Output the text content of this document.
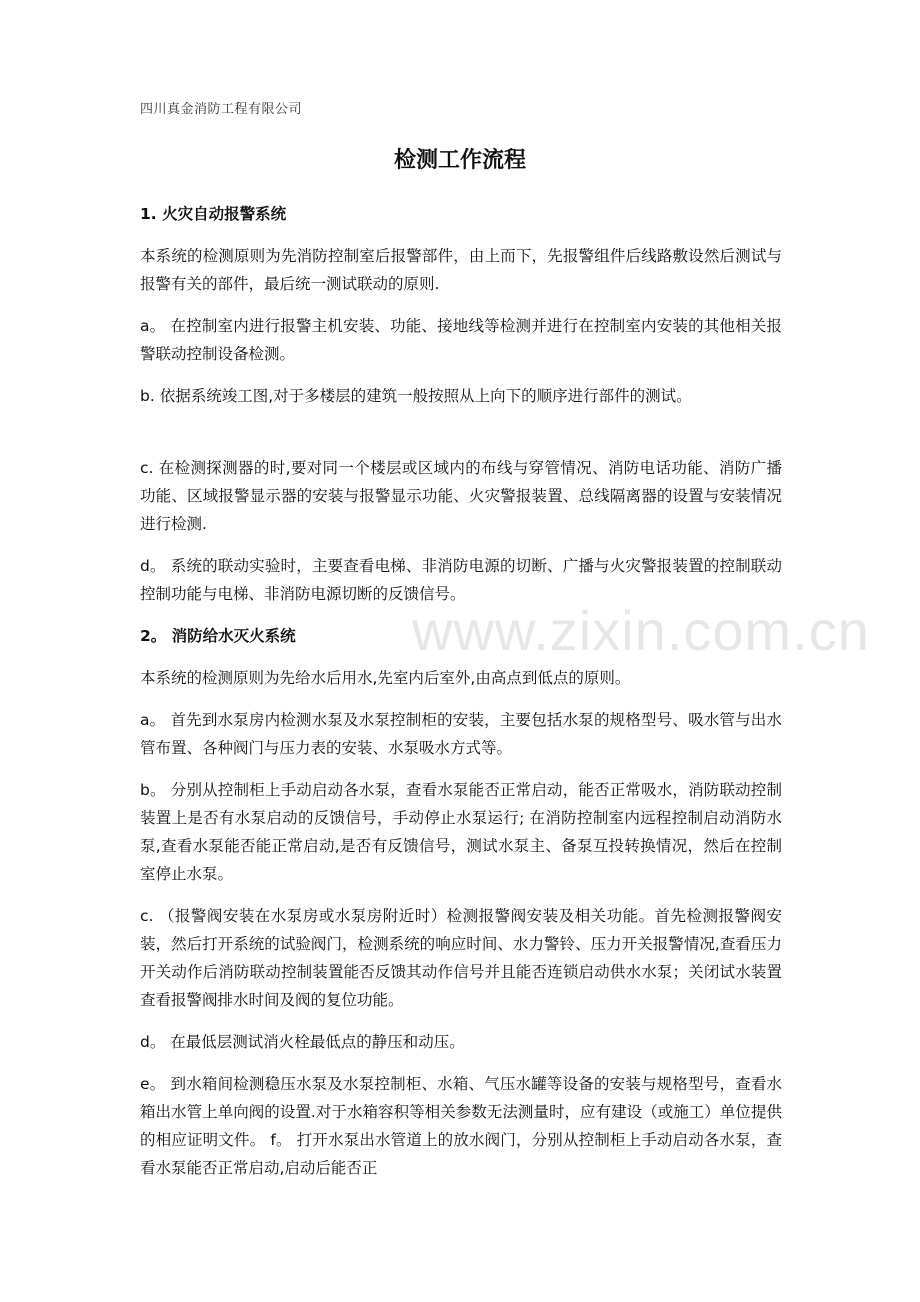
四川真金消防工程有限公司
检测工作流程
1. 火灾自动报警系统

本系统的检测原则为先消防控制室后报警部件，由上而下，先报警组件后线路敷设然后测试与报警有关的部件，最后统一测试联动的原则.

a。 在控制室内进行报警主机安装、功能、接地线等检测并进行在控制室内安装的其他相关报警联动控制设备检测。

b. 依据系统竣工图,对于多楼层的建筑一般按照从上向下的顺序进行部件的测试。

c. 在检测探测器的时,要对同一个楼层或区域内的布线与穿管情况、消防电话功能、消防广播功能、区域报警显示器的安装与报警显示功能、火灾警报装置、总线隔离器的设置与安装情况进行检测.

d。 系统的联动实验时，主要查看电梯、非消防电源的切断、广播与火灾警报装置的控制联动控制功能与电梯、非消防电源切断的反馈信号。

2。 消防给水灭火系统

本系统的检测原则为先给水后用水,先室内后室外,由高点到低点的原则。

a。 首先到水泵房内检测水泵及水泵控制柜的安装，主要包括水泵的规格型号、吸水管与出水管布置、各种阀门与压力表的安装、水泵吸水方式等。

b。 分别从控制柜上手动启动各水泵，查看水泵能否正常启动，能否正常吸水，消防联动控制装置上是否有水泵启动的反馈信号，手动停止水泵运行; 在消防控制室内远程控制启动消防水泵,查看水泵能否能正常启动,是否有反馈信号，测试水泵主、备泵互投转换情况，然后在控制室停止水泵。

c. （报警阀安装在水泵房或水泵房附近时）检测报警阀安装及相关功能。首先检测报警阀安装，然后打开系统的试验阀门，检测系统的响应时间、水力警铃、压力开关报警情况,查看压力开关动作后消防联动控制装置能否反馈其动作信号并且能否连锁启动供水水泵；关闭试水装置查看报警阀排水时间及阀的复位功能。

d。 在最低层测试消火栓最低点的静压和动压。

e。 到水箱间检测稳压水泵及水泵控制柜、水箱、气压水罐等设备的安装与规格型号，查看水箱出水管上单向阀的设置.对于水箱容积等相关参数无法测量时，应有建设（或施工）单位提供的相应证明文件。 f。 打开水泵出水管道上的放水阀门，分别从控制柜上手动启动各水泵，查看水泵能否正常启动,启动后能否正

www.zixin.com.cn
